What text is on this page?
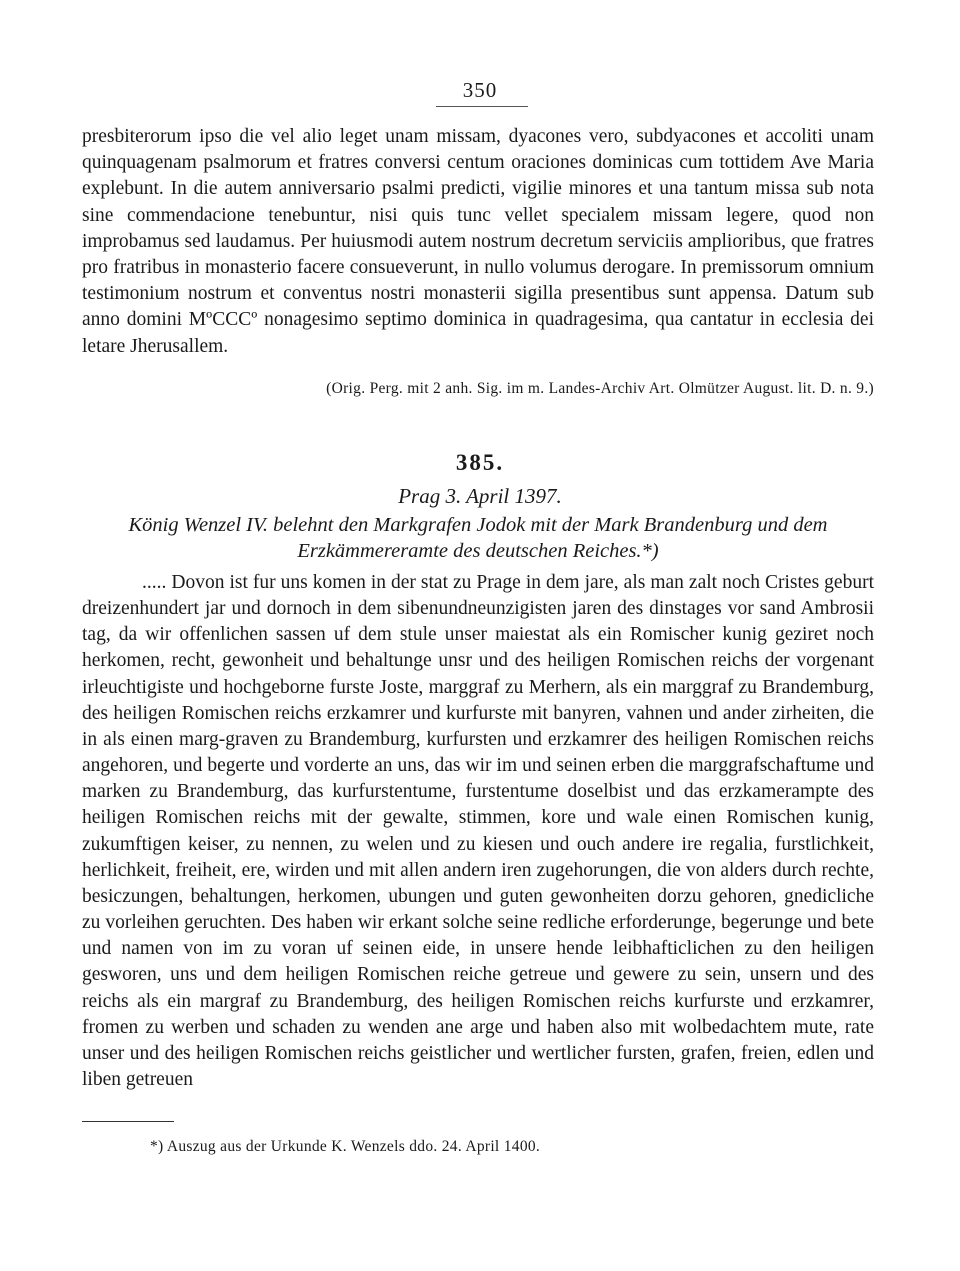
350

presbiterorum ipso die vel alio leget unam missam, dyacones vero, subdyacones et accoliti unam quinquagenam psalmorum et fratres conversi centum oraciones dominicas cum tottidem Ave Maria explebunt. In die autem anniversario psalmi predicti, vigilie minores et una tantum missa sub nota sine commendacione tenebuntur, nisi quis tunc vellet specialem missam legere, quod non improbamus sed laudamus. Per huiusmodi autem nostrum decretum serviciis amplioribus, que fratres pro fratribus in monasterio facere consueverunt, in nullo volumus derogare. In premissorum omnium testimonium nostrum et conventus nostri monasterii sigilla presentibus sunt appensa. Datum sub anno domini MºCCCº nonagesimo septimo dominica in quadragesima, qua cantatur in ecclesia dei letare Jherusallem.

(Orig. Perg. mit 2 anh. Sig. im m. Landes-Archiv Art. Olmützer August. lit. D. n. 9.)
385.
Prag 3. April 1397.
König Wenzel IV. belehnt den Markgrafen Jodok mit der Mark Brandenburg und dem Erzkämmereramte des deutschen Reiches.*)

..... Dovon ist fur uns komen in der stat zu Prage in dem jare, als man zalt noch Cristes geburt dreizenhundert jar und dornoch in dem sibenundneunzigisten jaren des dinstages vor sand Ambrosii tag, da wir offenlichen sassen uf dem stule unser maiestat als ein Romischer kunig geziret noch herkomen, recht, gewonheit und behaltunge unsr und des heiligen Romischen reichs der vorgenant irleuchtigiste und hochgeborne furste Joste, marggraf zu Merhern, als ein marggraf zu Brandemburg, des heiligen Romischen reichs erzkamrer und kurfurste mit banyren, vahnen und ander zirheiten, die in als einen marg-graven zu Brandemburg, kurfursten und erzkamrer des heiligen Romischen reichs angehoren, und begerte und vorderte an uns, das wir im und seinen erben die marggrafschaftume und marken zu Brandemburg, das kurfurstentume, furstentume doselbist und das erzkamerampte des heiligen Romischen reichs mit der gewalte, stimmen, kore und wale einen Romischen kunig, zukumftigen keiser, zu nennen, zu welen und zu kiesen und ouch andere ire regalia, furstlichkeit, herlichkeit, freiheit, ere, wirden und mit allen andern iren zugehorungen, die von alders durch rechte, besiczungen, behaltungen, herkomen, ubungen und guten gewonheiten dorzu gehoren, gnedicliche zu vorleihen geruchten. Des haben wir erkant solche seine redliche erforderunge, begerunge und bete und namen von im zu voran uf seinen eide, in unsere hende leibhafticlichen zu den heiligen gesworen, uns und dem heiligen Romischen reiche getreue und gewere zu sein, unsern und des reichs als ein margraf zu Brandemburg, des heiligen Romischen reichs kurfurste und erzkamrer, fromen zu werben und schaden zu wenden ane arge und haben also mit wolbedachtem mute, rate unser und des heiligen Romischen reichs geistlicher und wertlicher fursten, grafen, freien, edlen und liben getreuen

*) Auszug aus der Urkunde K. Wenzels ddo. 24. April 1400.
